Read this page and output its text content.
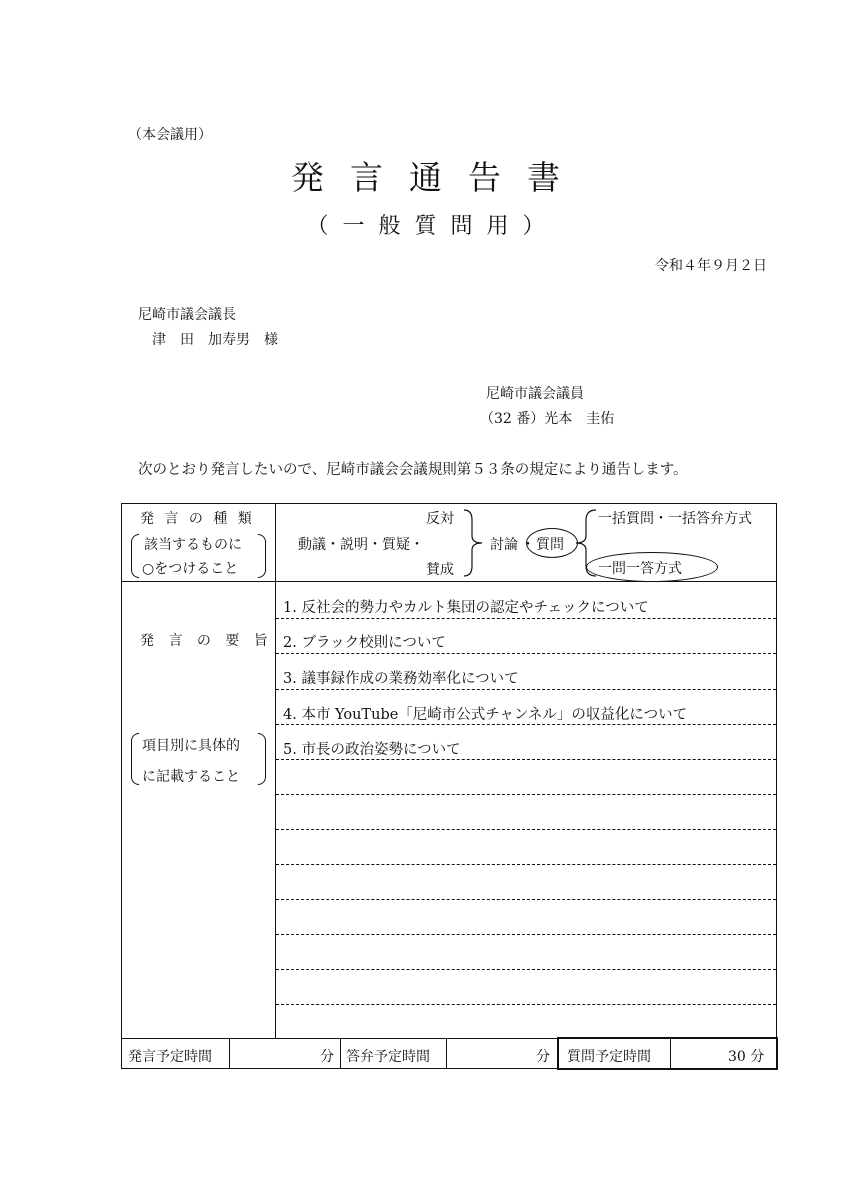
（本会議用）
発言通告書
（一般質問用）
令和４年９月２日
尼崎市議会議長
津　田　加寿男　様
尼崎市議会議員
（32 番）光本　圭佑
次のとおり発言したいので、尼崎市議会会議規則第５３条の規定により通告します。
発 言 の 種 類
該当するものに
○をつけること
反対
動議・説明・質疑・
賛成
討論 ・ 質問
一括質問・一括答弁方式
一問一答方式
発 言 の 要 旨
項目別に具体的
に記載すること
1. 反社会的勢力やカルト集団の認定やチェックについて
2. ブラック校則について
3. 議事録作成の業務効率化について
4. 本市 YouTube「尼崎市公式チャンネル」の収益化について
5. 市長の政治姿勢について
発言予定時間	分 答弁予定時間	分 質問予定時間	30 分
